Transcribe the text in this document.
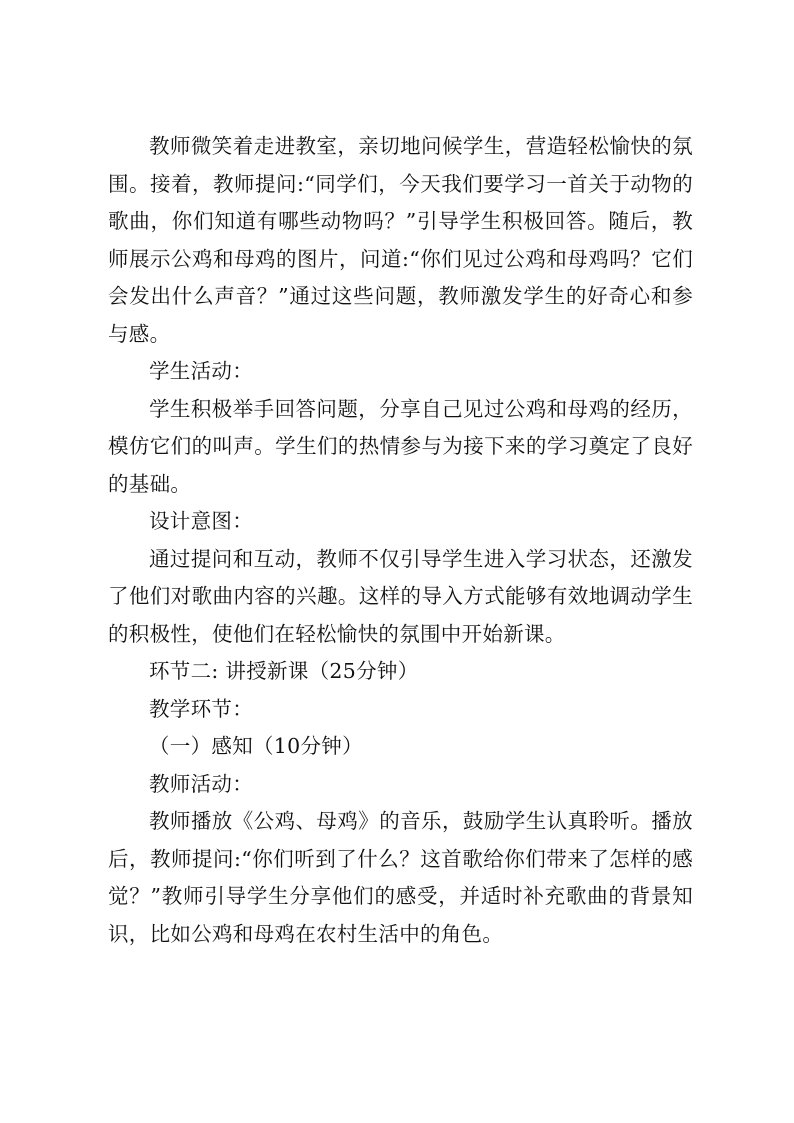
教师微笑着走进教室，亲切地问候学生，营造轻松愉快的氛围。接着，教师提问:“同学们，今天我们要学习一首关于动物的歌曲，你们知道有哪些动物吗？”引导学生积极回答。随后，教师展示公鸡和母鸡的图片，问道:“你们见过公鸡和母鸡吗？它们会发出什么声音？”通过这些问题，教师激发学生的好奇心和参与感。

学生活动：

学生积极举手回答问题，分享自己见过公鸡和母鸡的经历，模仿它们的叫声。学生们的热情参与为接下来的学习奠定了良好的基础。

设计意图：

通过提问和互动，教师不仅引导学生进入学习状态，还激发了他们对歌曲内容的兴趣。这样的导入方式能够有效地调动学生的积极性，使他们在轻松愉快的氛围中开始新课。

环节二: 讲授新课（25分钟）

教学环节：

（一）感知（10分钟）

教师活动：

教师播放《公鸡、母鸡》的音乐，鼓励学生认真聆听。播放后，教师提问:“你们听到了什么？这首歌给你们带来了怎样的感觉？”教师引导学生分享他们的感受，并适时补充歌曲的背景知识，比如公鸡和母鸡在农村生活中的角色。
